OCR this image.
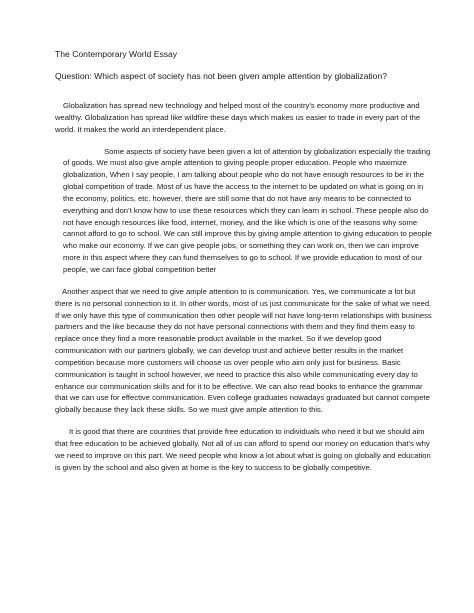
The Contemporary World Essay

Question: Which aspect of society has not been given ample attention by globalization?

Globalization has spread new technology and helped most of the country’s economy more productive and wealthy. Globalization has spread like wildfire these days which makes us easier to trade in every part of the world. It makes the world an interdependent place.

Some aspects of society have been given a lot of attention by globalization especially the trading of goods. We must also give ample attention to giving people proper education. People who maximize globalization, When I say people, I am talking about people who do not have enough resources to be in the global competition of trade. Most of us have the access to the internet to be updated on what is going on in the economy, politics, etc. however, there are still some that do not have any means to be connected to everything and don’t know how to use these resources which they can learn in school. These people also do not have enough resources like food, internet, money, and the like which is one of the reasons why some cannot afford to go to school. We can still improve this by giving ample attention to giving education to people who make our economy. If we can give people jobs, or something they can work on, then we can improve more in this aspect where they can fund themselves to go to school. If we provide education to most of our people, we can face global competition better

Another aspect that we need to give ample attention to is communication. Yes, we communicate a lot but there is no personal connection to it. In other words, most of us just communicate for the sake of what we need. If we only have this type of communication then other people will not have long-term relationships with business partners and the like because they do not have personal connections with them and they find them easy to replace once they find a more reasonable product available in the market. So if we develop good communication with our partners globally, we can develop trust and achieve better results in the market competition because more customers will choose us over people who aim only just for business. Basic communication is taught in school however, we need to practice this also while communicating every day to enhance our communication skills and for it to be effective. We can also read books to enhance the grammar that we can use for effective communication. Even college graduates nowadays graduated but cannot compete globally because they lack these skills. So we must give ample attention to this.

It is good that there are countries that provide free education to individuals who need it but we should aim that free education to be achieved globally. Not all of us can afford to spend our money on education that’s why we need to improve on this part. We need people who know a lot about what is going on globally and education is given by the school and also given at home is the key to success to be globally competitive.
